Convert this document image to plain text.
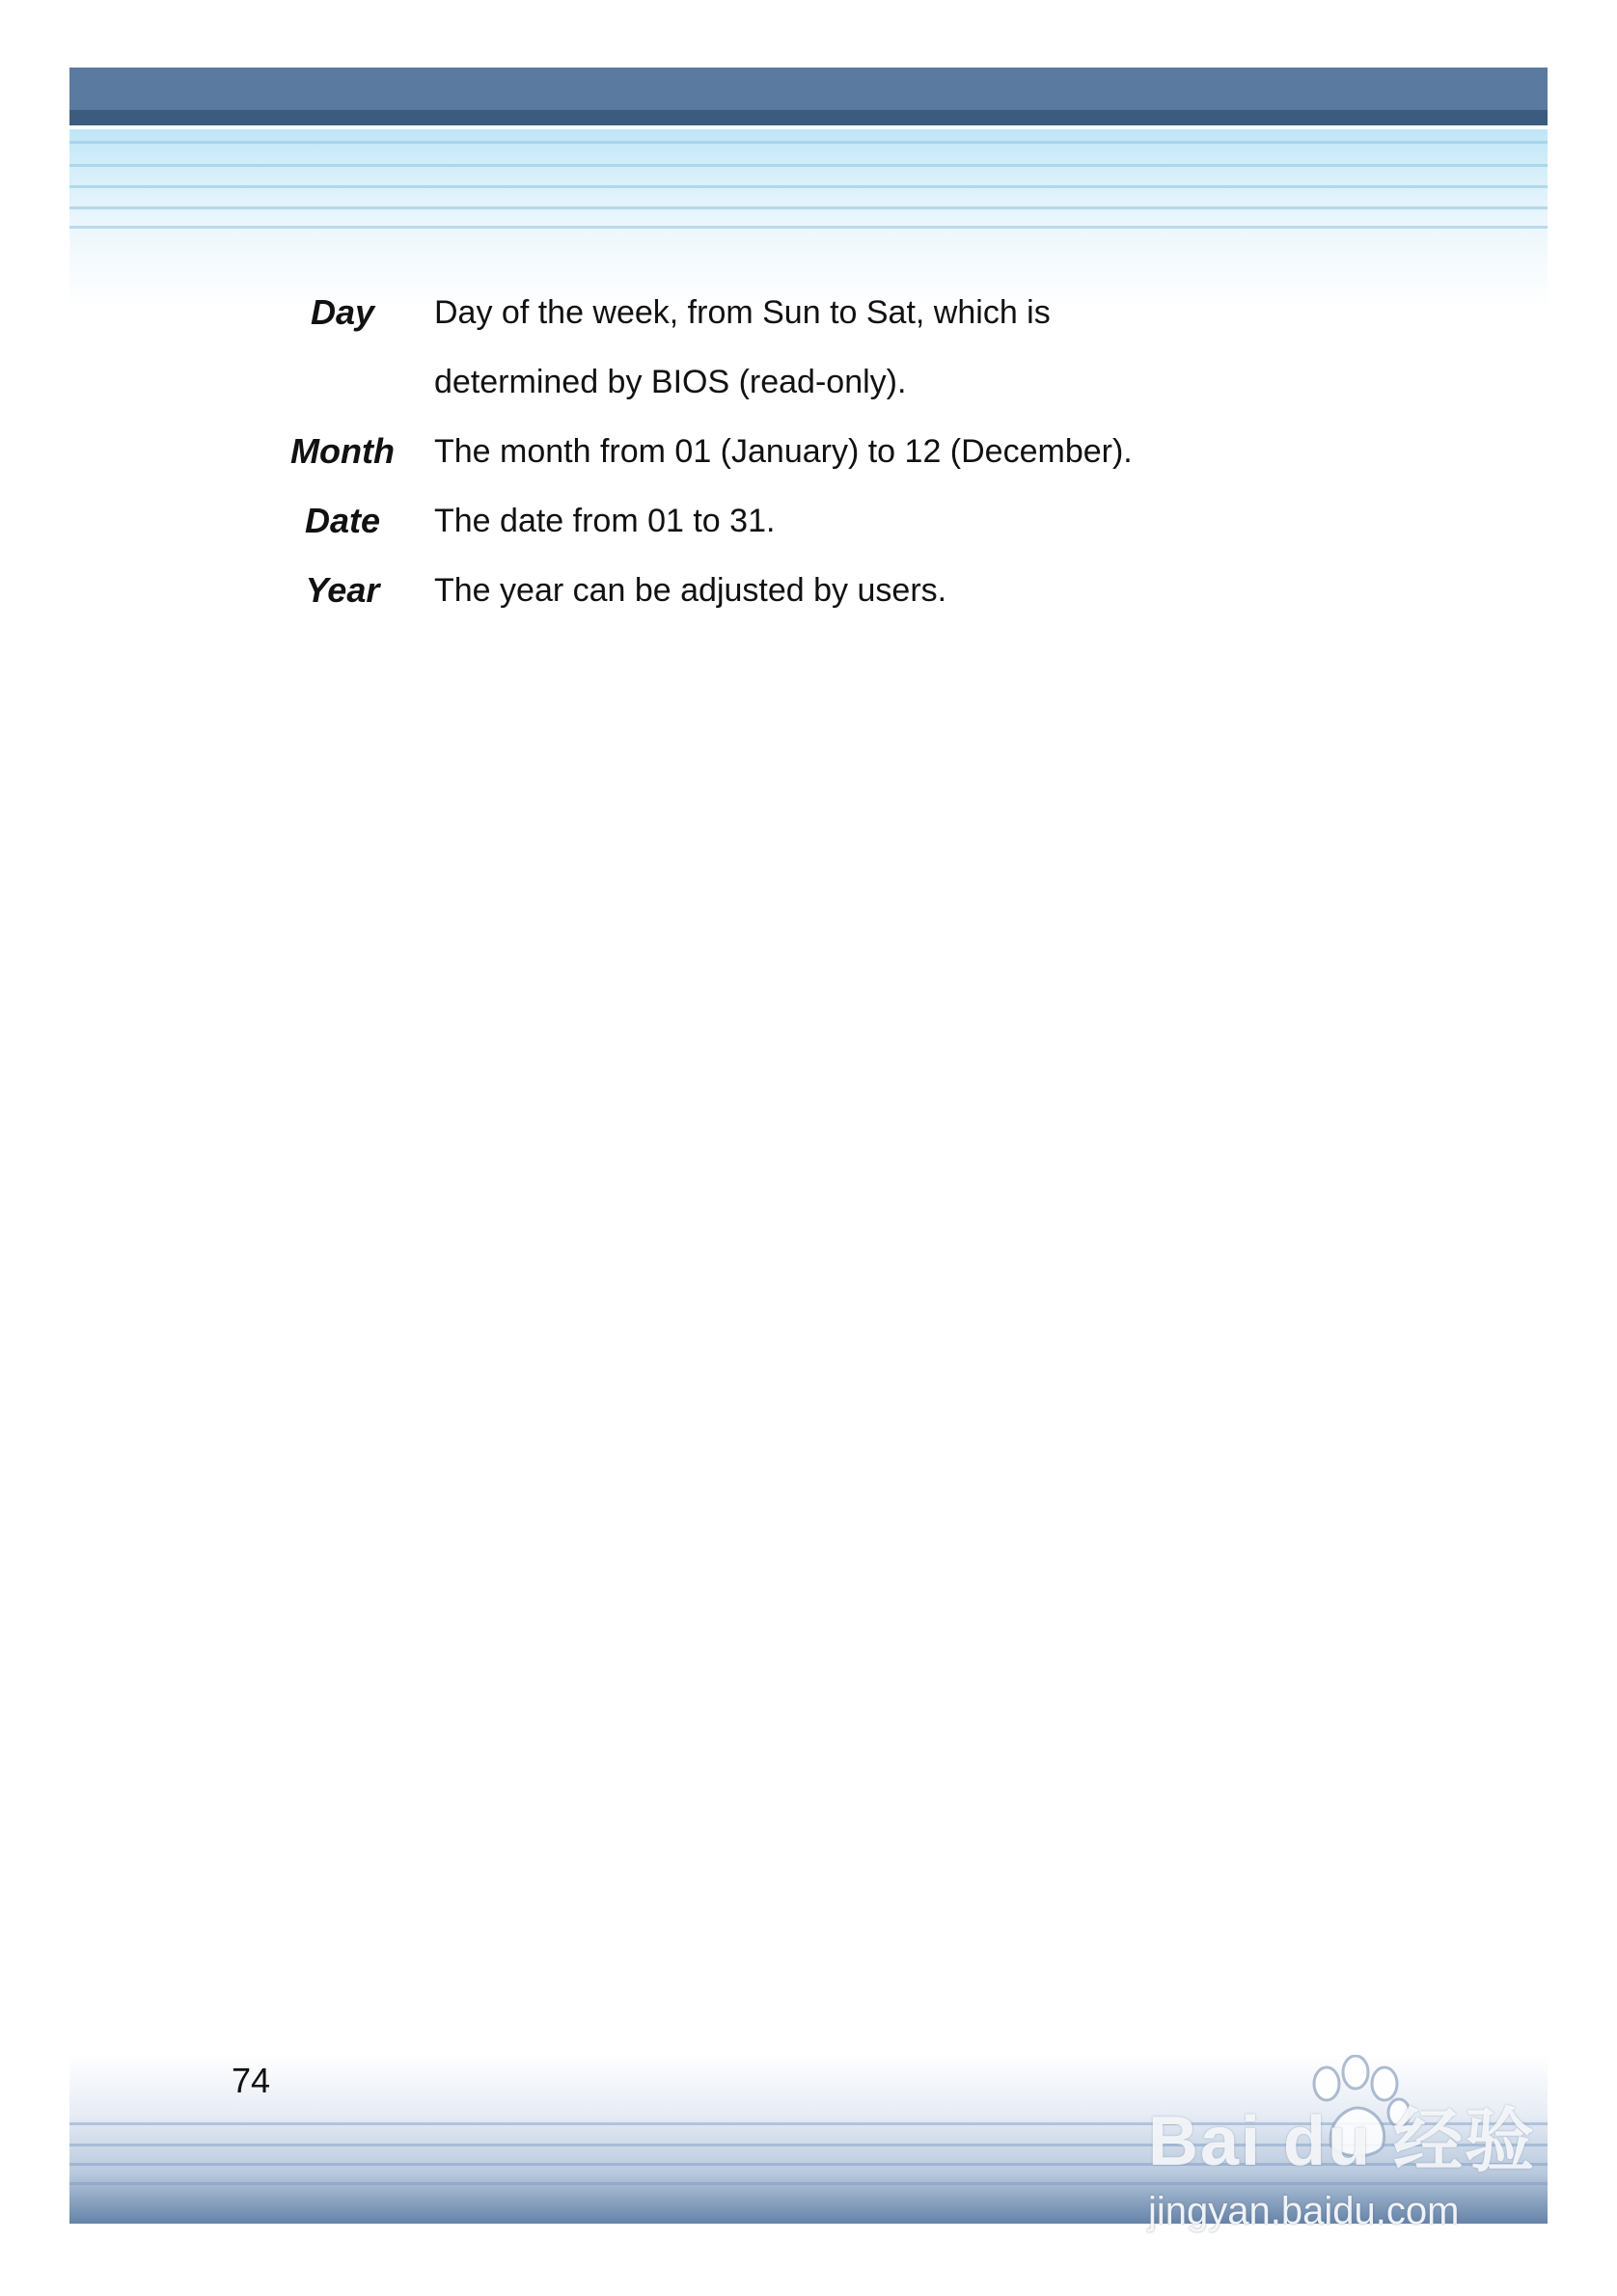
Day	Day of the week, from Sun to Sat, which is
determined by BIOS (read-only).
Month	The month from 01 (January) to 12 (December).
Date	The date from 01 to 31.
Year	The year can be adjusted by users.
74
Bai du 经验
jingyan.baidu.com
